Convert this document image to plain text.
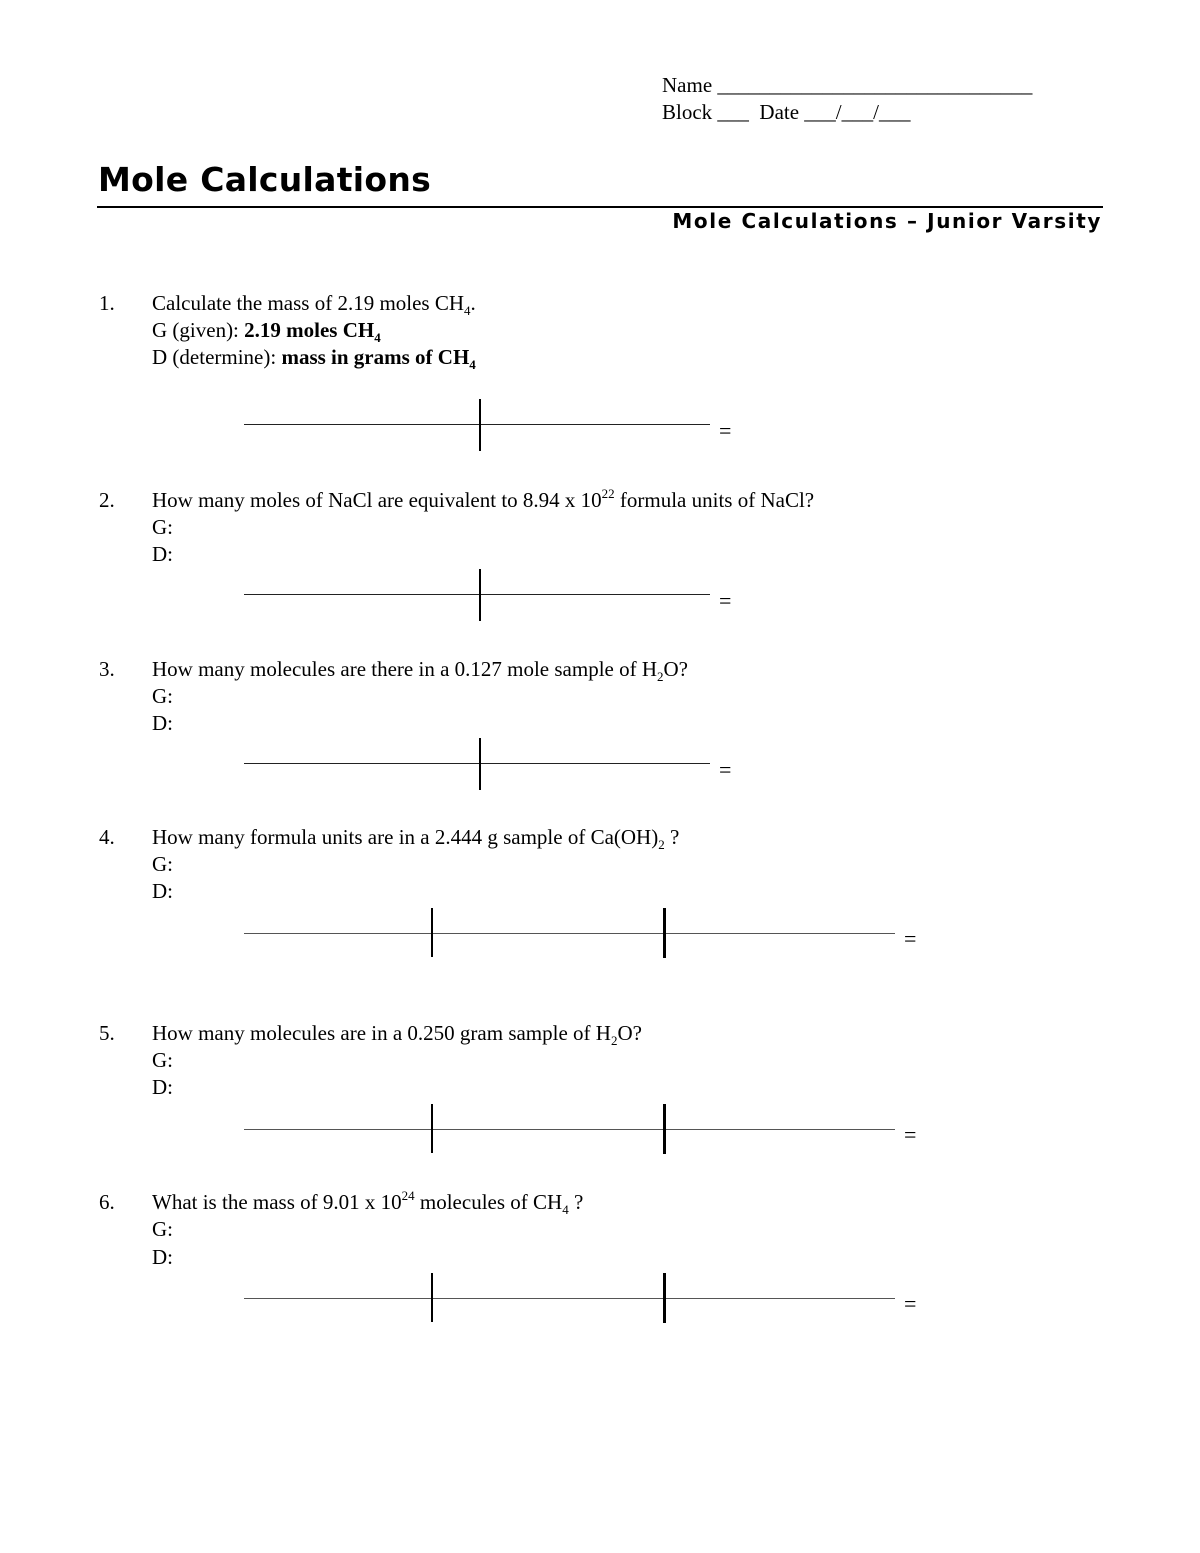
Name ______________________________
Block ___  Date ___/___/___
Mole Calculations
Mole Calculations – Junior Varsity
1. Calculate the mass of 2.19 moles $CH_4$.
G (given): 2.19 moles $CH_4$
D (determine): mass in grams of $CH_4$
=
2. How many moles of NaCl are equivalent to 8.94 x $10^{22}$ formula units of NaCl?
G:
D:
=
3. How many molecules are there in a 0.127 mole sample of $H_2O$?
G:
D:
=
4. How many formula units are in a 2.444 g sample of $Ca(OH)_2$ ?
G:
D:
=
5. How many molecules are in a 0.250 gram sample of $H_2O$?
G:
D:
=
6. What is the mass of 9.01 x $10^{24}$ molecules of $CH_4$ ?
G:
D:
=
